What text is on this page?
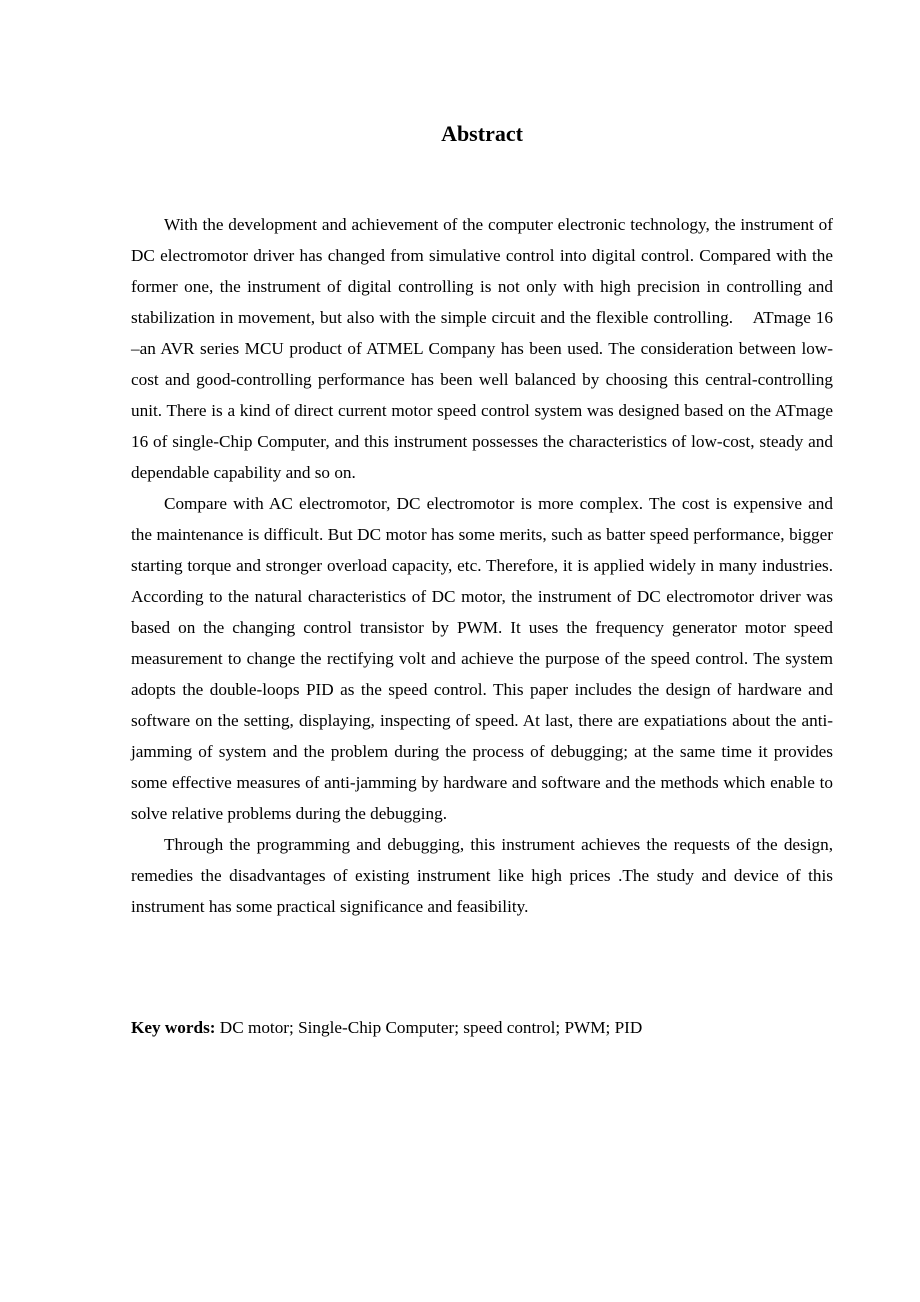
Abstract

With the development and achievement of the computer electronic technology, the instrument of DC electromotor driver has changed from simulative control into digital control. Compared with the former one, the instrument of digital controlling is not only with high precision in controlling and stabilization in movement, but also with the simple circuit and the flexible controlling.    ATmage 16 –an AVR series MCU product of ATMEL Company has been used. The consideration between low-cost and good-controlling performance has been well balanced by choosing this central-controlling unit. There is a kind of direct current motor speed control system was designed based on the ATmage 16 of single-Chip Computer, and this instrument possesses the characteristics of low-cost, steady and dependable capability and so on.

Compare with AC electromotor, DC electromotor is more complex. The cost is expensive and the maintenance is difficult. But DC motor has some merits, such as batter speed performance, bigger starting torque and stronger overload capacity, etc. Therefore, it is applied widely in many industries. According to the natural characteristics of DC motor, the instrument of DC electromotor driver was based on the changing control transistor by PWM. It uses the frequency generator motor speed measurement to change the rectifying volt and achieve the purpose of the speed control. The system adopts the double-loops PID as the speed control. This paper includes the design of hardware and software on the setting, displaying, inspecting of speed. At last, there are expatiations about the anti-jamming of system and the problem during the process of debugging; at the same time it provides some effective measures of anti-jamming by hardware and software and the methods which enable to solve relative problems during the debugging.

Through the programming and debugging, this instrument achieves the requests of the design, remedies the disadvantages of existing instrument like high prices .The study and device of this instrument has some practical significance and feasibility.

Key words: DC motor; Single-Chip Computer; speed control; PWM; PID
